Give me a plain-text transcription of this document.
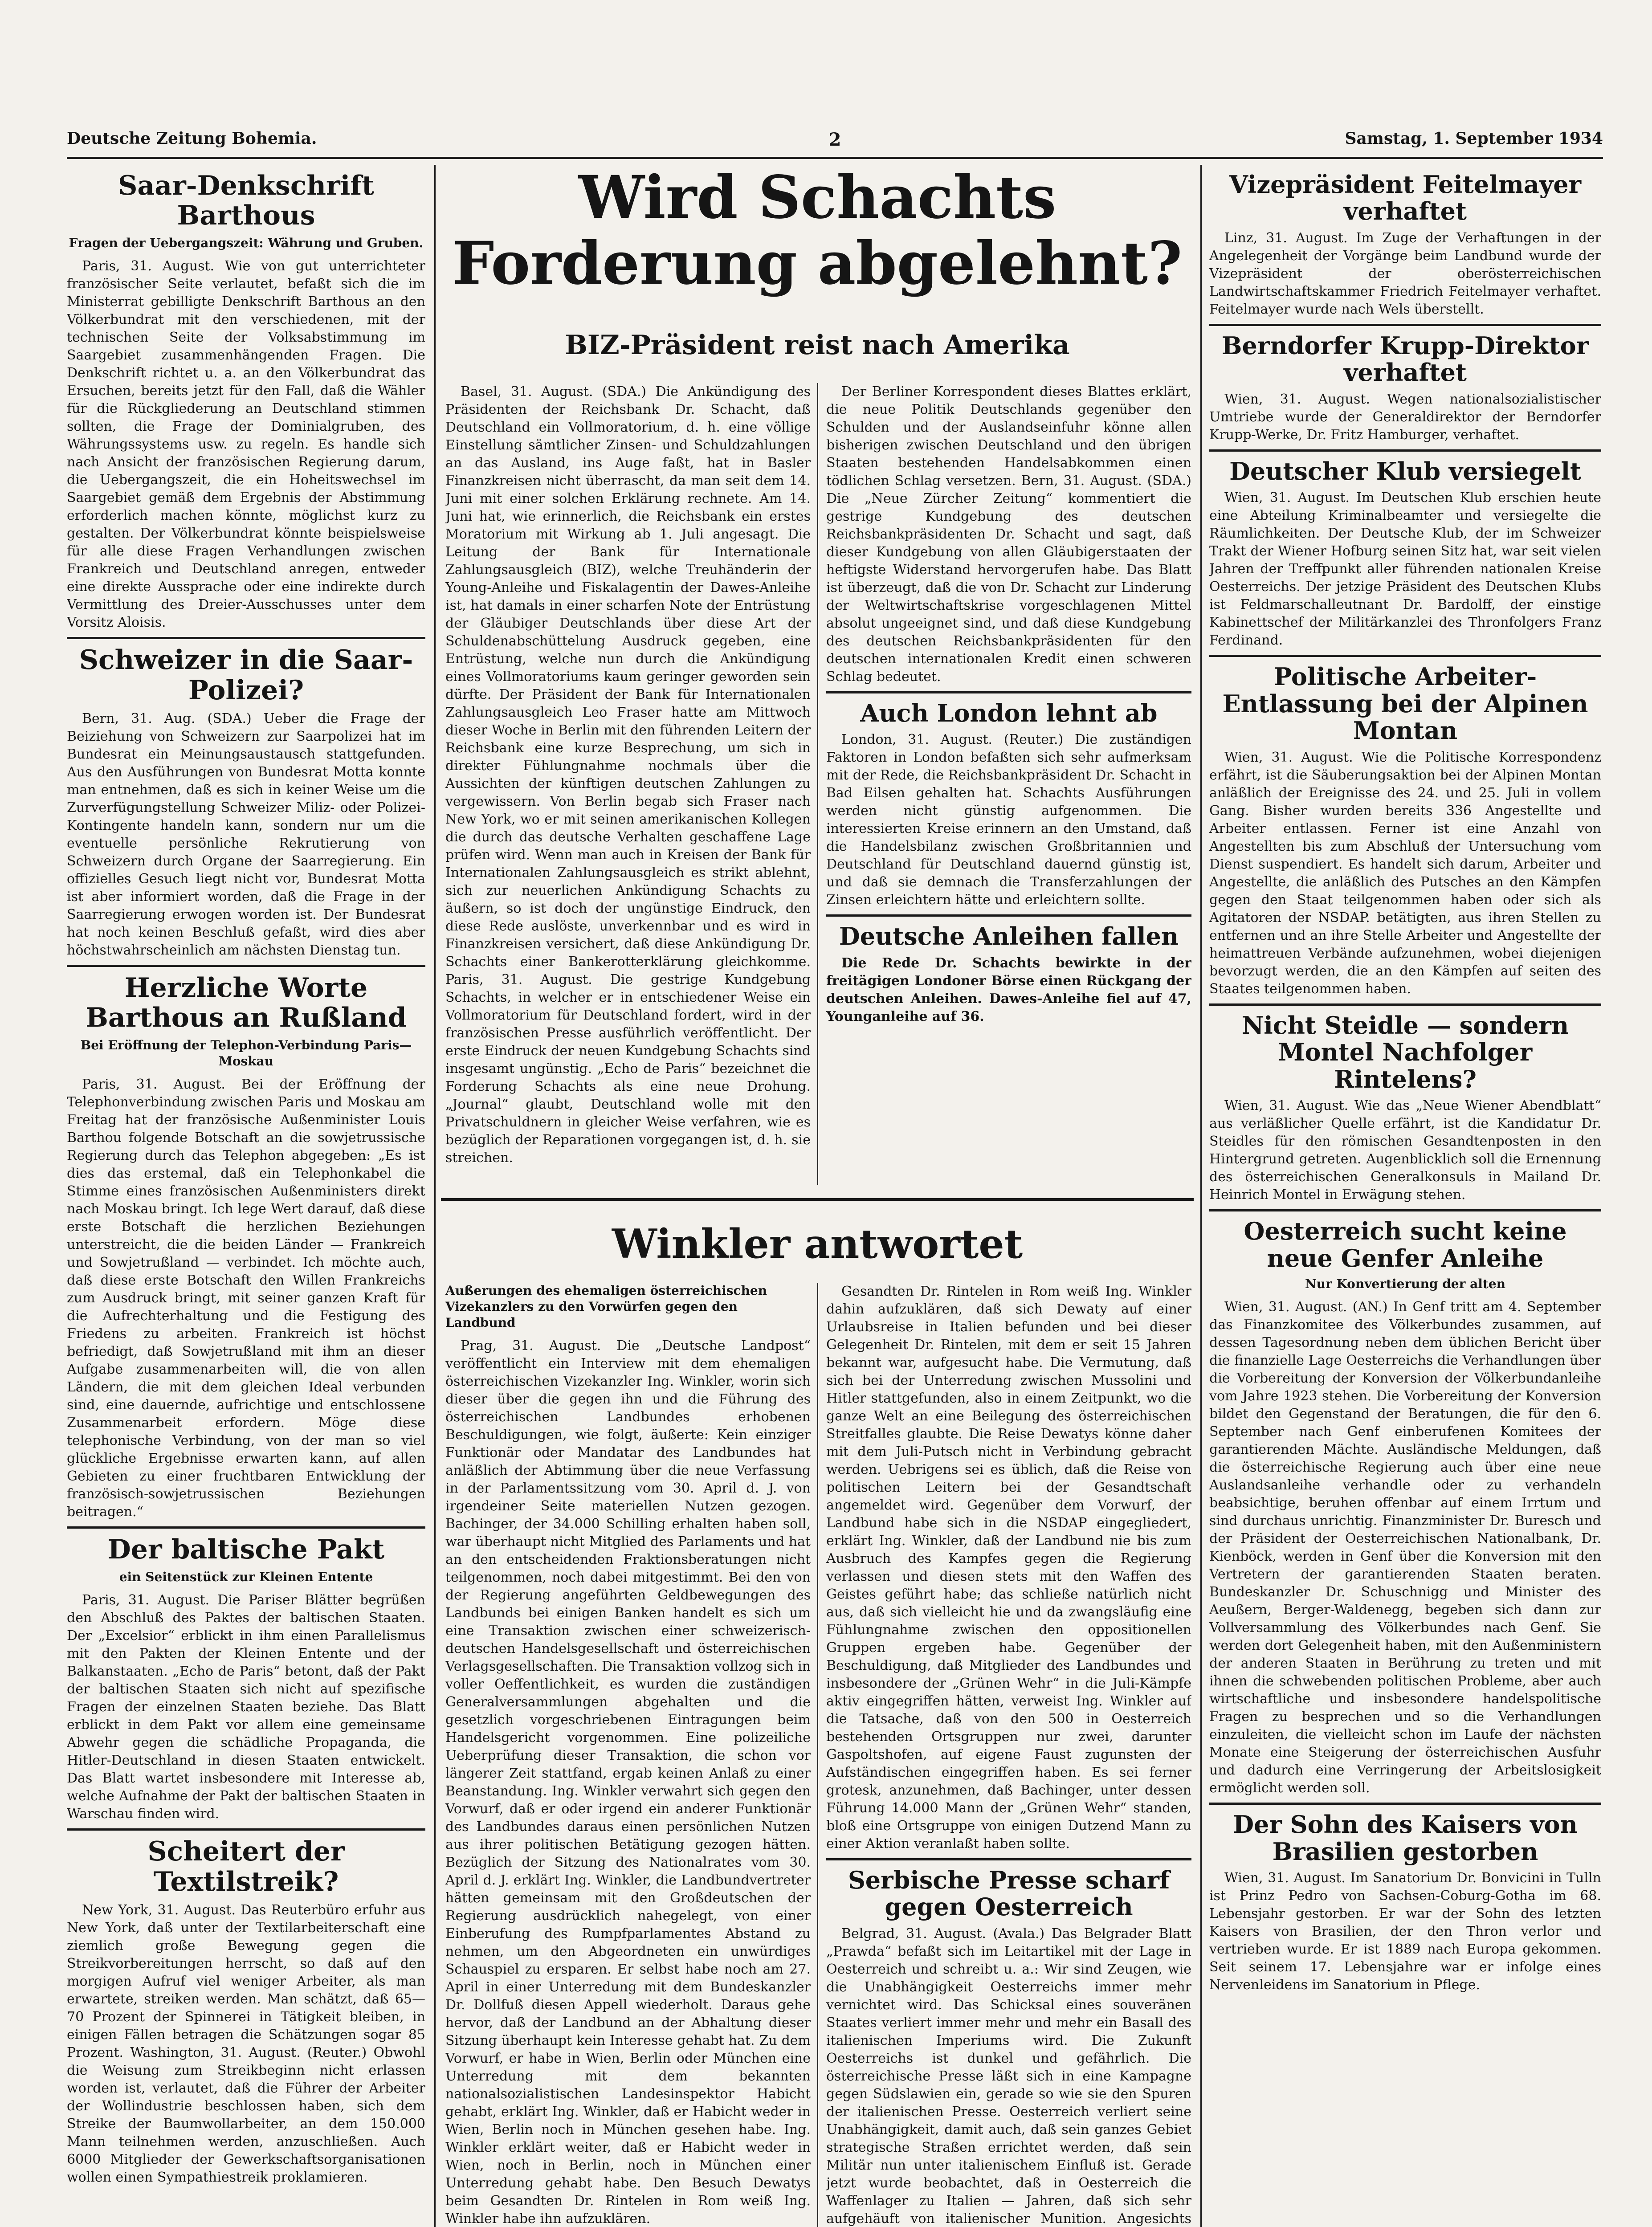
Deutsche Zeitung Bohemia.	2	Samstag, 1. September 1934
Saar-Denkschrift Barthous
Fragen der Uebergangszeit: Währung und Gruben.

Paris, 31. August. Wie von gut unterrichteter französischer Seite verlautet, befaßt sich die im Ministerrat gebilligte Denkschrift Barthous an den Völkerbundrat mit den verschiedenen, mit der technischen Seite der Volksabstimmung im Saargebiet zusammenhängenden Fragen. Die Denkschrift richtet u. a. an den Völkerbundrat das Ersuchen, bereits jetzt für den Fall, daß die Wähler für die Rückgliederung an Deutschland stimmen sollten, die Frage der Dominialgruben, des Währungssystems usw. zu regeln. Es handle sich nach Ansicht der französischen Regierung darum, die Uebergangszeit, die ein Hoheitswechsel im Saargebiet gemäß dem Ergebnis der Abstimmung erforderlich machen könnte, möglichst kurz zu gestalten. Der Völkerbundrat könnte beispielsweise für alle diese Fragen Verhandlungen zwischen Frankreich und Deutschland anregen, entweder eine direkte Aussprache oder eine indirekte durch Vermittlung des Dreier-Ausschusses unter dem Vorsitz Aloisis.

Schweizer in die Saar-Polizei?

Bern, 31. Aug. (SDA.) Ueber die Frage der Beiziehung von Schweizern zur Saarpolizei hat im Bundesrat ein Meinungsaustausch stattgefunden. Aus den Ausführungen von Bundesrat Motta konnte man entnehmen, daß es sich in keiner Weise um die Zurverfügungstellung Schweizer Miliz- oder Polizei-Kontingente handeln kann, sondern nur um die eventuelle persönliche Rekrutierung von Schweizern durch Organe der Saarregierung. Ein offizielles Gesuch liegt nicht vor, Bundesrat Motta ist aber informiert worden, daß die Frage in der Saarregierung erwogen worden ist. Der Bundesrat hat noch keinen Beschluß gefaßt, wird dies aber höchstwahrscheinlich am nächsten Dienstag tun.

Herzliche Worte Barthous an Rußland
Bei Eröffnung der Telephon-Verbindung Paris—Moskau

Paris, 31. August. Bei der Eröffnung der Telephonverbindung zwischen Paris und Moskau am Freitag hat der französische Außenminister Louis Barthou folgende Botschaft an die sowjetrussische Regierung durch das Telephon abgegeben: „Es ist dies das erstemal, daß ein Telephonkabel die Stimme eines französischen Außenministers direkt nach Moskau bringt. Ich lege Wert darauf, daß diese erste Botschaft die herzlichen Beziehungen unterstreicht, die die beiden Länder — Frankreich und Sowjetrußland — verbindet. Ich möchte auch, daß diese erste Botschaft den Willen Frankreichs zum Ausdruck bringt, mit seiner ganzen Kraft für die Aufrechterhaltung und die Festigung des Friedens zu arbeiten. Frankreich ist höchst befriedigt, daß Sowjetrußland mit ihm an dieser Aufgabe zusammenarbeiten will, die von allen Ländern, die mit dem gleichen Ideal verbunden sind, eine dauernde, aufrichtige und entschlossene Zusammenarbeit erfordern. Möge diese telephonische Verbindung, von der man so viel glückliche Ergebnisse erwarten kann, auf allen Gebieten zu einer fruchtbaren Entwicklung der französisch-sowjetrussischen Beziehungen beitragen.“

Der baltische Pakt
ein Seitenstück zur Kleinen Entente

Paris, 31. August. Die Pariser Blätter begrüßen den Abschluß des Paktes der baltischen Staaten. Der „Excelsior“ erblickt in ihm einen Parallelismus mit den Pakten der Kleinen Entente und der Balkanstaaten. „Echo de Paris“ betont, daß der Pakt der baltischen Staaten sich nicht auf spezifische Fragen der einzelnen Staaten beziehe. Das Blatt erblickt in dem Pakt vor allem eine gemeinsame Abwehr gegen die schädliche Propaganda, die Hitler-Deutschland in diesen Staaten entwickelt. Das Blatt wartet insbesondere mit Interesse ab, welche Aufnahme der Pakt der baltischen Staaten in Warschau finden wird.

Scheitert der Textilstreik?

New York, 31. August. Das Reuterbüro erfuhr aus New York, daß unter der Textilarbeiterschaft eine ziemlich große Bewegung gegen die Streikvorbereitungen herrscht, so daß auf den morgigen Aufruf viel weniger Arbeiter, als man erwartete, streiken werden. Man schätzt, daß 65—70 Prozent der Spinnerei in Tätigkeit bleiben, in einigen Fällen betragen die Schätzungen sogar 85 Prozent. Washington, 31. August. (Reuter.) Obwohl die Weisung zum Streikbeginn nicht erlassen worden ist, verlautet, daß die Führer der Arbeiter der Wollindustrie beschlossen haben, sich dem Streike der Baumwollarbeiter, an dem 150.000 Mann teilnehmen werden, anzuschließen. Auch 6000 Mitglieder der Gewerkschaftsorganisationen wollen einen Sympathiestreik proklamieren.

Wird Schachts Forderung abgelehnt?
BIZ-Präsident reist nach Amerika

Basel, 31. August. (SDA.) Die Ankündigung des Präsidenten der Reichsbank Dr. Schacht, daß Deutschland ein Vollmoratorium, d. h. eine völlige Einstellung sämtlicher Zinsen- und Schuldzahlungen an das Ausland, ins Auge faßt, hat in Basler Finanzkreisen nicht überrascht, da man seit dem 14. Juni mit einer solchen Erklärung rechnete. Am 14. Juni hat, wie erinnerlich, die Reichsbank ein erstes Moratorium mit Wirkung ab 1. Juli angesagt. Die Leitung der Bank für Internationale Zahlungsausgleich (BIZ), welche Treuhänderin der Young-Anleihe und Fiskalagentin der Dawes-Anleihe ist, hat damals in einer scharfen Note der Entrüstung der Gläubiger Deutschlands über diese Art der Schuldenabschüttelung Ausdruck gegeben, eine Entrüstung, welche nun durch die Ankündigung eines Vollmoratoriums kaum geringer geworden sein dürfte. Der Präsident der Bank für Internationalen Zahlungsausgleich Leo Fraser hatte am Mittwoch dieser Woche in Berlin mit den führenden Leitern der Reichsbank eine kurze Besprechung, um sich in direkter Fühlungnahme nochmals über die Aussichten der künftigen deutschen Zahlungen zu vergewissern. Von Berlin begab sich Fraser nach New York, wo er mit seinen amerikanischen Kollegen die durch das deutsche Verhalten geschaffene Lage prüfen wird. Wenn man auch in Kreisen der Bank für Internationalen Zahlungsausgleich es strikt ablehnt, sich zur neuerlichen Ankündigung Schachts zu äußern, so ist doch der ungünstige Eindruck, den diese Rede auslöste, unverkennbar und es wird in Finanzkreisen versichert, daß diese Ankündigung Dr. Schachts einer Bankerotterklärung gleichkomme. Paris, 31. August. Die gestrige Kundgebung Schachts, in welcher er in entschiedener Weise ein Vollmoratorium für Deutschland fordert, wird in der französischen Presse ausführlich veröffentlicht. Der erste Eindruck der neuen Kundgebung Schachts sind insgesamt ungünstig. „Echo de Paris“ bezeichnet die Forderung Schachts als eine neue Drohung. „Journal“ glaubt, Deutschland wolle mit den Privatschuldnern in gleicher Weise verfahren, wie es bezüglich der Reparationen vorgegangen ist, d. h. sie streichen.

Der Berliner Korrespondent dieses Blattes erklärt, die neue Politik Deutschlands gegenüber den Schulden und der Auslandseinfuhr könne allen bisherigen zwischen Deutschland und den übrigen Staaten bestehenden Handelsabkommen einen tödlichen Schlag versetzen. Bern, 31. August. (SDA.) Die „Neue Zürcher Zeitung“ kommentiert die gestrige Kundgebung des deutschen Reichsbankpräsidenten Dr. Schacht und sagt, daß dieser Kundgebung von allen Gläubigerstaaten der heftigste Widerstand hervorgerufen habe. Das Blatt ist überzeugt, daß die von Dr. Schacht zur Linderung der Weltwirtschaftskrise vorgeschlagenen Mittel absolut ungeeignet sind, und daß diese Kundgebung des deutschen Reichsbankpräsidenten für den deutschen internationalen Kredit einen schweren Schlag bedeutet.

Auch London lehnt ab

London, 31. August. (Reuter.) Die zuständigen Faktoren in London befaßten sich sehr aufmerksam mit der Rede, die Reichsbankpräsident Dr. Schacht in Bad Eilsen gehalten hat. Schachts Ausführungen werden nicht günstig aufgenommen. Die interessierten Kreise erinnern an den Umstand, daß die Handelsbilanz zwischen Großbritannien und Deutschland für Deutschland dauernd günstig ist, und daß sie demnach die Transferzahlungen der Zinsen erleichtern hätte und erleichtern sollte.

Deutsche Anleihen fallen

Die Rede Dr. Schachts bewirkte in der freitägigen Londoner Börse einen Rückgang der deutschen Anleihen. Dawes-Anleihe fiel auf 47, Younganleihe auf 36.

Winkler antwortet
Außerungen des ehemaligen österreichischen Vizekanzlers zu den Vorwürfen gegen den Landbund

Prag, 31. August. Die „Deutsche Landpost“ veröffentlicht ein Interview mit dem ehemaligen österreichischen Vizekanzler Ing. Winkler, worin sich dieser über die gegen ihn und die Führung des österreichischen Landbundes erhobenen Beschuldigungen, wie folgt, äußerte: Kein einziger Funktionär oder Mandatar des Landbundes hat anläßlich der Abtimmung über die neue Verfassung in der Parlamentssitzung vom 30. April d. J. von irgendeiner Seite materiellen Nutzen gezogen. Bachinger, der 34.000 Schilling erhalten haben soll, war überhaupt nicht Mitglied des Parlaments und hat an den entscheidenden Fraktionsberatungen nicht teilgenommen, noch dabei mitgestimmt. Bei den von der Regierung angeführten Geldbewegungen des Landbunds bei einigen Banken handelt es sich um eine Transaktion zwischen einer schweizerisch-deutschen Handelsgesellschaft und österreichischen Verlagsgesellschaften. Die Transaktion vollzog sich in voller Oeffentlichkeit, es wurden die zuständigen Generalversammlungen abgehalten und die gesetzlich vorgeschriebenen Eintragungen beim Handelsgericht vorgenommen. Eine polizeiliche Ueberprüfung dieser Transaktion, die schon vor längerer Zeit stattfand, ergab keinen Anlaß zu einer Beanstandung. Ing. Winkler verwahrt sich gegen den Vorwurf, daß er oder irgend ein anderer Funktionär des Landbundes daraus einen persönlichen Nutzen aus ihrer politischen Betätigung gezogen hätten. Bezüglich der Sitzung des Nationalrates vom 30. April d. J. erklärt Ing. Winkler, die Landbundvertreter hätten gemeinsam mit den Großdeutschen der Regierung ausdrücklich nahegelegt, von einer Einberufung des Rumpfparlamentes Abstand zu nehmen, um den Abgeordneten ein unwürdiges Schauspiel zu ersparen. Er selbst habe noch am 27. April in einer Unterredung mit dem Bundeskanzler Dr. Dollfuß diesen Appell wiederholt. Daraus gehe hervor, daß der Landbund an der Abhaltung dieser Sitzung überhaupt kein Interesse gehabt hat. Zu dem Vorwurf, er habe in Wien, Berlin oder München eine Unterredung mit dem bekannten nationalsozialistischen Landesinspektor Habicht gehabt, erklärt Ing. Winkler, daß er Habicht weder in Wien, Berlin noch in München gesehen habe. Ing. Winkler erklärt weiter, daß er Habicht weder in Wien, noch in Berlin, noch in München einer Unterredung gehabt habe. Den Besuch Dewatys beim Gesandten Dr. Rintelen in Rom weiß Ing. Winkler habe ihn aufzuklären.

Gesandten Dr. Rintelen in Rom weiß Ing. Winkler dahin aufzuklären, daß sich Dewaty auf einer Urlaubsreise in Italien befunden und bei dieser Gelegenheit Dr. Rintelen, mit dem er seit 15 Jahren bekannt war, aufgesucht habe. Die Vermutung, daß sich bei der Unterredung zwischen Mussolini und Hitler stattgefunden, also in einem Zeitpunkt, wo die ganze Welt an eine Beilegung des österreichischen Streitfalles glaubte. Die Reise Dewatys könne daher mit dem Juli-Putsch nicht in Verbindung gebracht werden. Uebrigens sei es üblich, daß die Reise von politischen Leitern bei der Gesandtschaft angemeldet wird. Gegenüber dem Vorwurf, der Landbund habe sich in die NSDAP eingegliedert, erklärt Ing. Winkler, daß der Landbund nie bis zum Ausbruch des Kampfes gegen die Regierung verlassen und diesen stets mit den Waffen des Geistes geführt habe; das schließe natürlich nicht aus, daß sich vielleicht hie und da zwangsläufig eine Fühlungnahme zwischen den oppositionellen Gruppen ergeben habe. Gegenüber der Beschuldigung, daß Mitglieder des Landbundes und insbesondere der „Grünen Wehr“ in die Juli-Kämpfe aktiv eingegriffen hätten, verweist Ing. Winkler auf die Tatsache, daß von den 500 in Oesterreich bestehenden Ortsgruppen nur zwei, darunter Gaspoltshofen, auf eigene Faust zugunsten der Aufständischen eingegriffen haben. Es sei ferner grotesk, anzunehmen, daß Bachinger, unter dessen Führung 14.000 Mann der „Grünen Wehr“ standen, bloß eine Ortsgruppe von einigen Dutzend Mann zu einer Aktion veranlaßt haben sollte.

Serbische Presse scharf gegen Oesterreich

Belgrad, 31. August. (Avala.) Das Belgrader Blatt „Prawda“ befaßt sich im Leitartikel mit der Lage in Oesterreich und schreibt u. a.: Wir sind Zeugen, wie die Unabhängigkeit Oesterreichs immer mehr vernichtet wird. Das Schicksal eines souveränen Staates verliert immer mehr und mehr ein Basall des italienischen Imperiums wird. Die Zukunft Oesterreichs ist dunkel und gefährlich. Die österreichische Presse läßt sich in eine Kampagne gegen Südslawien ein, gerade so wie sie den Spuren der italienischen Presse. Oesterreich verliert seine Unabhängigkeit, damit auch, daß sein ganzes Gebiet strategische Straßen errichtet werden, daß sein Militär nun unter italienischem Einfluß ist. Gerade jetzt wurde beobachtet, daß in Oesterreich die Waffenlager zu Italien — Jahren, daß sich sehr aufgehäuft von italienischer Munition. Angesichts

Vizepräsident Feitelmayer verhaftet

Linz, 31. August. Im Zuge der Verhaftungen in der Angelegenheit der Vorgänge beim Landbund wurde der Vizepräsident der oberösterreichischen Landwirtschaftskammer Friedrich Feitelmayer verhaftet. Feitelmayer wurde nach Wels überstellt.

Berndorfer Krupp-Direktor verhaftet

Wien, 31. August. Wegen nationalsozialistischer Umtriebe wurde der Generaldirektor der Berndorfer Krupp-Werke, Dr. Fritz Hamburger, verhaftet.

Deutscher Klub versiegelt

Wien, 31. August. Im Deutschen Klub erschien heute eine Abteilung Kriminalbeamter und versiegelte die Räumlichkeiten. Der Deutsche Klub, der im Schweizer Trakt der Wiener Hofburg seinen Sitz hat, war seit vielen Jahren der Treffpunkt aller führenden nationalen Kreise Oesterreichs. Der jetzige Präsident des Deutschen Klubs ist Feldmarschalleutnant Dr. Bardolff, der einstige Kabinettschef der Militärkanzlei des Thronfolgers Franz Ferdinand.

Politische Arbeiter-Entlassung bei der Alpinen Montan

Wien, 31. August. Wie die Politische Korrespondenz erfährt, ist die Säuberungsaktion bei der Alpinen Montan anläßlich der Ereignisse des 24. und 25. Juli in vollem Gang. Bisher wurden bereits 336 Angestellte und Arbeiter entlassen. Ferner ist eine Anzahl von Angestellten bis zum Abschluß der Untersuchung vom Dienst suspendiert. Es handelt sich darum, Arbeiter und Angestellte, die anläßlich des Putsches an den Kämpfen gegen den Staat teilgenommen haben oder sich als Agitatoren der NSDAP. betätigten, aus ihren Stellen zu entfernen und an ihre Stelle Arbeiter und Angestellte der heimattreuen Verbände aufzunehmen, wobei diejenigen bevorzugt werden, die an den Kämpfen auf seiten des Staates teilgenommen haben.

Nicht Steidle — sondern Montel Nachfolger Rintelens?

Wien, 31. August. Wie das „Neue Wiener Abendblatt“ aus verläßlicher Quelle erfährt, ist die Kandidatur Dr. Steidles für den römischen Gesandtenposten in den Hintergrund getreten. Augenblicklich soll die Ernennung des österreichischen Generalkonsuls in Mailand Dr. Heinrich Montel in Erwägung stehen.

Oesterreich sucht keine neue Genfer Anleihe
Nur Konvertierung der alten

Wien, 31. August. (AN.) In Genf tritt am 4. September das Finanzkomitee des Völkerbundes zusammen, auf dessen Tagesordnung neben dem üblichen Bericht über die finanzielle Lage Oesterreichs die Verhandlungen über die Vorbereitung der Konversion der Völkerbundanleihe vom Jahre 1923 stehen. Die Vorbereitung der Konversion bildet den Gegenstand der Beratungen, die für den 6. September nach Genf einberufenen Komitees der garantierenden Mächte. Ausländische Meldungen, daß die österreichische Regierung auch über eine neue Auslandsanleihe verhandle oder zu verhandeln beabsichtige, beruhen offenbar auf einem Irrtum und sind durchaus unrichtig. Finanzminister Dr. Buresch und der Präsident der Oesterreichischen Nationalbank, Dr. Kienböck, werden in Genf über die Konversion mit den Vertretern der garantierenden Staaten beraten. Bundeskanzler Dr. Schuschnigg und Minister des Aeußern, Berger-Waldenegg, begeben sich dann zur Vollversammlung des Völkerbundes nach Genf. Sie werden dort Gelegenheit haben, mit den Außenministern der anderen Staaten in Berührung zu treten und mit ihnen die schwebenden politischen Probleme, aber auch wirtschaftliche und insbesondere handelspolitische Fragen zu besprechen und so die Verhandlungen einzuleiten, die vielleicht schon im Laufe der nächsten Monate eine Steigerung der österreichischen Ausfuhr und dadurch eine Verringerung der Arbeitslosigkeit ermöglicht werden soll.

Der Sohn des Kaisers von Brasilien gestorben

Wien, 31. August. Im Sanatorium Dr. Bonvicini in Tulln ist Prinz Pedro von Sachsen-Coburg-Gotha im 68. Lebensjahr gestorben. Er war der Sohn des letzten Kaisers von Brasilien, der den Thron verlor und vertrieben wurde. Er ist 1889 nach Europa gekommen. Seit seinem 17. Lebensjahre war er infolge eines Nervenleidens im Sanatorium in Pflege.
